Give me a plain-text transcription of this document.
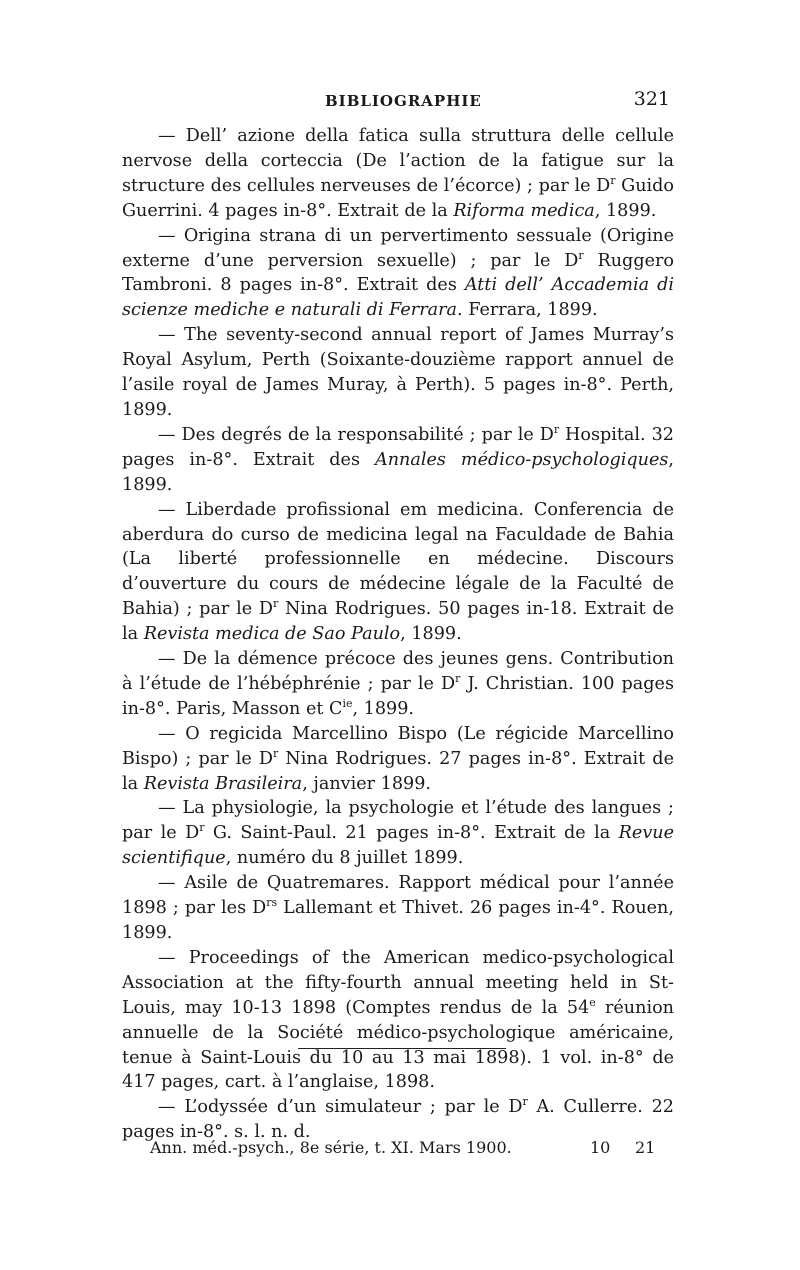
BIBLIOGRAPHIE	321

— Dell’ azione della fatica sulla struttura delle cellule nervose della corteccia (De l’action de la fatigue sur la structure des cellules nerveuses de l’écorce) ; par le $D^r$ Guido Guerrini. 4 pages in-8°. Extrait de la Riforma medica, 1899.

— Origina strana di un pervertimento sessuale (Origine externe d’une perversion sexuelle) ; par le $D^r$ Ruggero Tambroni. 8 pages in-8°. Extrait des Atti dell’ Accademia di scienze mediche e naturali di Ferrara. Ferrara, 1899.

— The seventy-second annual report of James Murray’s Royal Asylum, Perth (Soixante-douzième rapport annuel de l’asile royal de James Muray, à Perth). 5 pages in-8°. Perth, 1899.

— Des degrés de la responsabilité ; par le $D^r$ Hospital. 32 pages in-8°. Extrait des Annales médico-psychologiques, 1899.

— Liberdade profissional em medicina. Conferencia de aberdura do curso de medicina legal na Faculdade de Bahia (La liberté professionnelle en médecine. Discours d’ouverture du cours de médecine légale de la Faculté de Bahia) ; par le $D^r$ Nina Rodrigues. 50 pages in-18. Extrait de la Revista medica de Sao Paulo, 1899.

— De la démence précoce des jeunes gens. Contribution à l’étude de l’hébéphrénie ; par le $D^r$ J. Christian. 100 pages in-8°. Paris, Masson et $C^{ie}$, 1899.

— O regicida Marcellino Bispo (Le régicide Marcellino Bispo) ; par le $D^r$ Nina Rodrigues. 27 pages in-8°. Extrait de la Revista Brasileira, janvier 1899.

— La physiologie, la psychologie et l’étude des langues ; par le $D^r$ G. Saint-Paul. 21 pages in-8°. Extrait de la Revue scientifique, numéro du 8 juillet 1899.

— Asile de Quatremares. Rapport médical pour l’année 1898 ; par les $D^{rs}$ Lallemant et Thivet. 26 pages in-4°. Rouen, 1899.

— Proceedings of the American medico-psychological Association at the fifty-fourth annual meeting held in St-Louis, may 10-13 1898 (Comptes rendus de la 54e réunion annuelle de la Société médico-psychologique américaine, tenue à Saint-Louis du 10 au 13 mai 1898). 1 vol. in-8° de 417 pages, cart. à l’anglaise, 1898.

— L’odyssée d’un simulateur ; par le $D^r$ A. Cullerre. 22 pages in-8°. s. l. n. d.

Ann. méd.-psych., 8e série, t. XI. Mars 1900.	10 21
